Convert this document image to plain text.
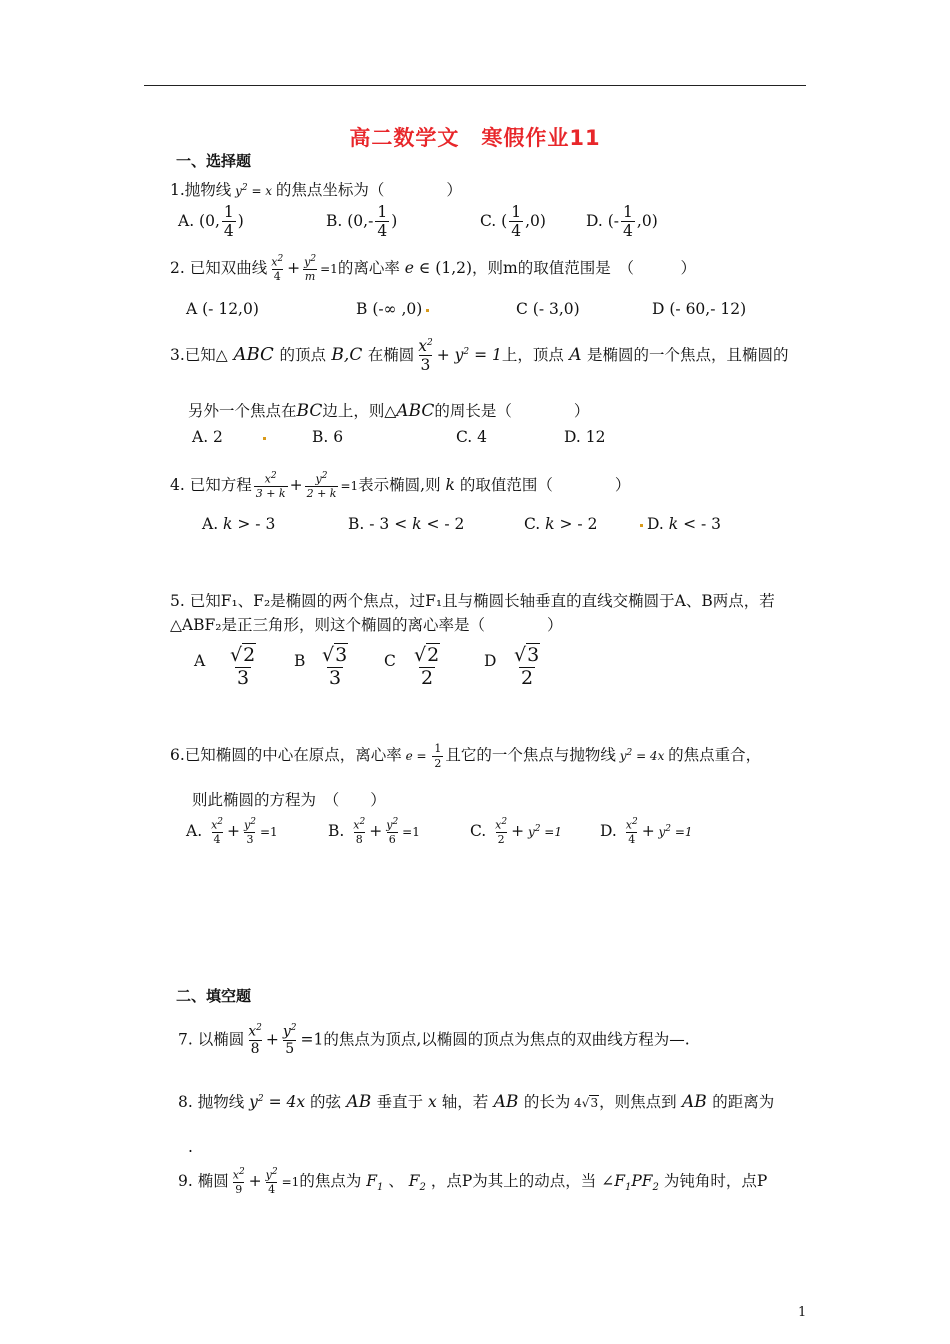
高二数学文　寒假作业11
一、选择题
1.抛物线 $y^2 = x$ 的焦点坐标为（　　　　）
A. (0, $\frac{1}{4}$ )	B. ($0,- \frac{1}{4}$ )	C. ( $\frac{1}{4} ,0$)	D. (- $\frac{1}{4} ,0$)
2. 已知双曲线 $\frac{x^2}{4} + \frac{y^2}{m} =1$的离心率 e ∈ (1,2)，则m的取值范围是　（　　　）
A (- 12,0)	B (-∞ ,0)	C (- 3,0)	D (- 60,- 12)
3.已知△ ABC 的顶点 B,C 在椭圆 $\frac{x^2}{3} + y^2 = 1$上，顶点 A 是椭圆的一个焦点，且椭圆的
另外一个焦点在BC边上，则△ABC的周长是（　　　　）
A. 2	B. 6	C. 4	D. 12
4. 已知方程 $\frac{x^2}{3 + k} + \frac{y^2}{2 + k} =1$表示椭圆,则 k 的取值范围（　　　　）
A. k > - 3	B. - 3 < k < - 2	C. k > - 2	D. k < - 3
5. 已知F₁、F₂是椭圆的两个焦点，过F₁且与椭圆长轴垂直的直线交椭圆于A、B两点，若
△ABF₂是正三角形，则这个椭圆的离心率是（　　　　）
A $\frac{√2}{3}$ B $\frac{√3}{3}$ C $\frac{√2}{2}$	D $\frac{√3}{2}$
6.已知椭圆的中心在原点，离心率 $e = \frac{1}{2}$ 且它的一个焦点与抛物线 $y^2 = 4x$ 的焦点重合，
则此椭圆的方程为　（　　）
A. $\frac{x^2}{4} + \frac{y^2}{3} =1$	B. $\frac{x^2}{8} + \frac{y^2}{6} =1$	C. $\frac{x^2}{2} + y^2 =1$ D. $\frac{x^2}{4} + y^2 =1$
二、填空题
7. 以椭圆 $\frac{x^2}{8} + \frac{y^2}{5} =1$的焦点为顶点,以椭圆的顶点为焦点的双曲线方程为—.
8. 抛物线 $y^2 = 4x$ 的弦 AB 垂直于 x 轴，若 AB 的长为 4√3，则焦点到 AB 的距离为
.
9. 椭圆 $\frac{x^2}{9} + \frac{y^2}{4} =1$的焦点为 $F_1$ 、 $F_2$ ，点P为其上的动点，当 $\angle F_1PF_2$ 为钝角时，点P
1
